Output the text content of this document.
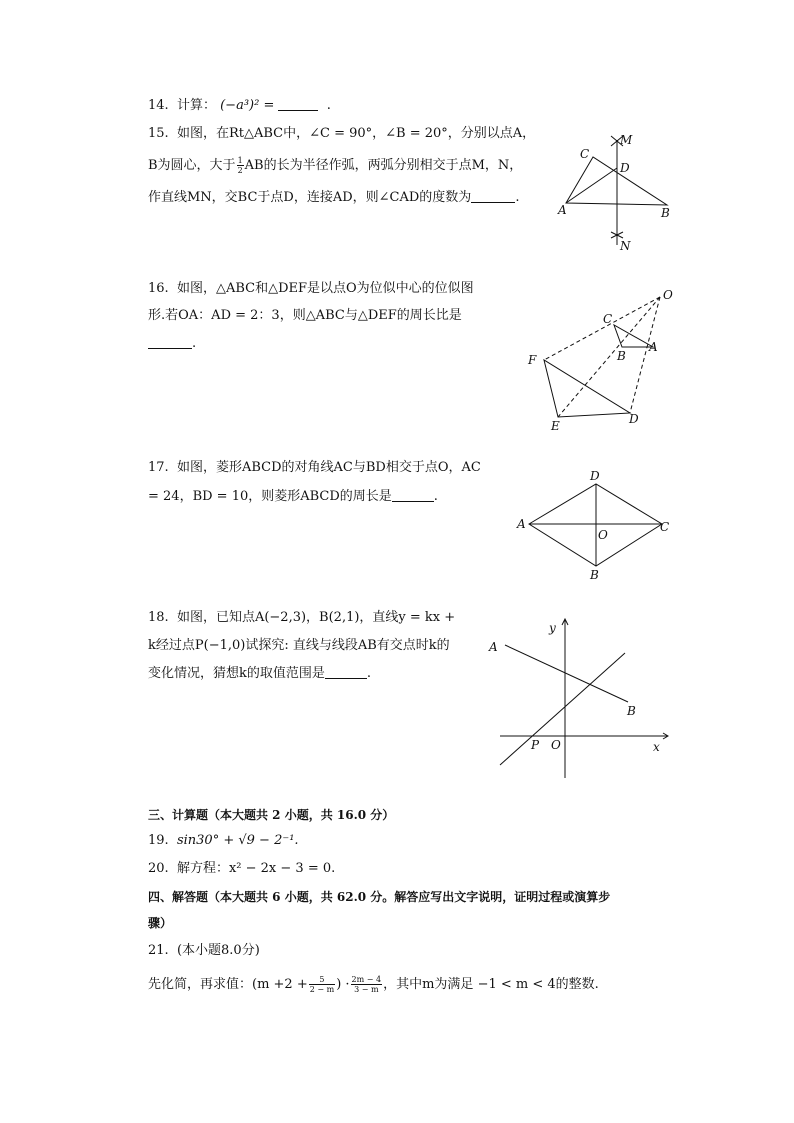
14. 计算： (−a³)² =	.
15. 如图，在Rt△ABC中，∠C = 90°，∠B = 20°，分别以点A，
B为圆心，大于 $\frac{1}{2}$ AB的长为半径作弧，两弧分别相交于点M，N，
作直线MN，交BC于点D，连接AD，则∠CAD的度数为	.
C
D
M
A	B
N
16. 如图，△ABC和△DEF是以点O为位似中心的位似图
形.若OA：AD = 2：3，则△ABC与△DEF的周长比是
.
O
C
B
A
F
E	D
17. 如图，菱形ABCD的对角线AC与BD相交于点O，AC
= 24，BD = 10，则菱形ABCD的周长是	.
D
A	C
O
B
18. 如图，已知点A(−2,3)，B(2,1)，直线y = kx +
k经过点P(−1,0)试探究: 直线与线段AB有交点时k的
变化情况，猜想k的取值范围是	.
A
B
P O	x
y
三、计算题（本大题共 2 小题，共 16.0 分）
19. sin30° + √9 − 2⁻¹.
20. 解方程：x² − 2x − 3 = 0.
四、解答题（本大题共 6 小题，共 62.0 分。解答应写出文字说明，证明过程或演算步
骤）
21. (本小题8.0分)
先化简，再求值：($m +2 + \frac{5}{2 - m}$ ) · $\frac{2m - 4}{3 - m}$ ，其中m为满足 −1 < m < 4的整数.
